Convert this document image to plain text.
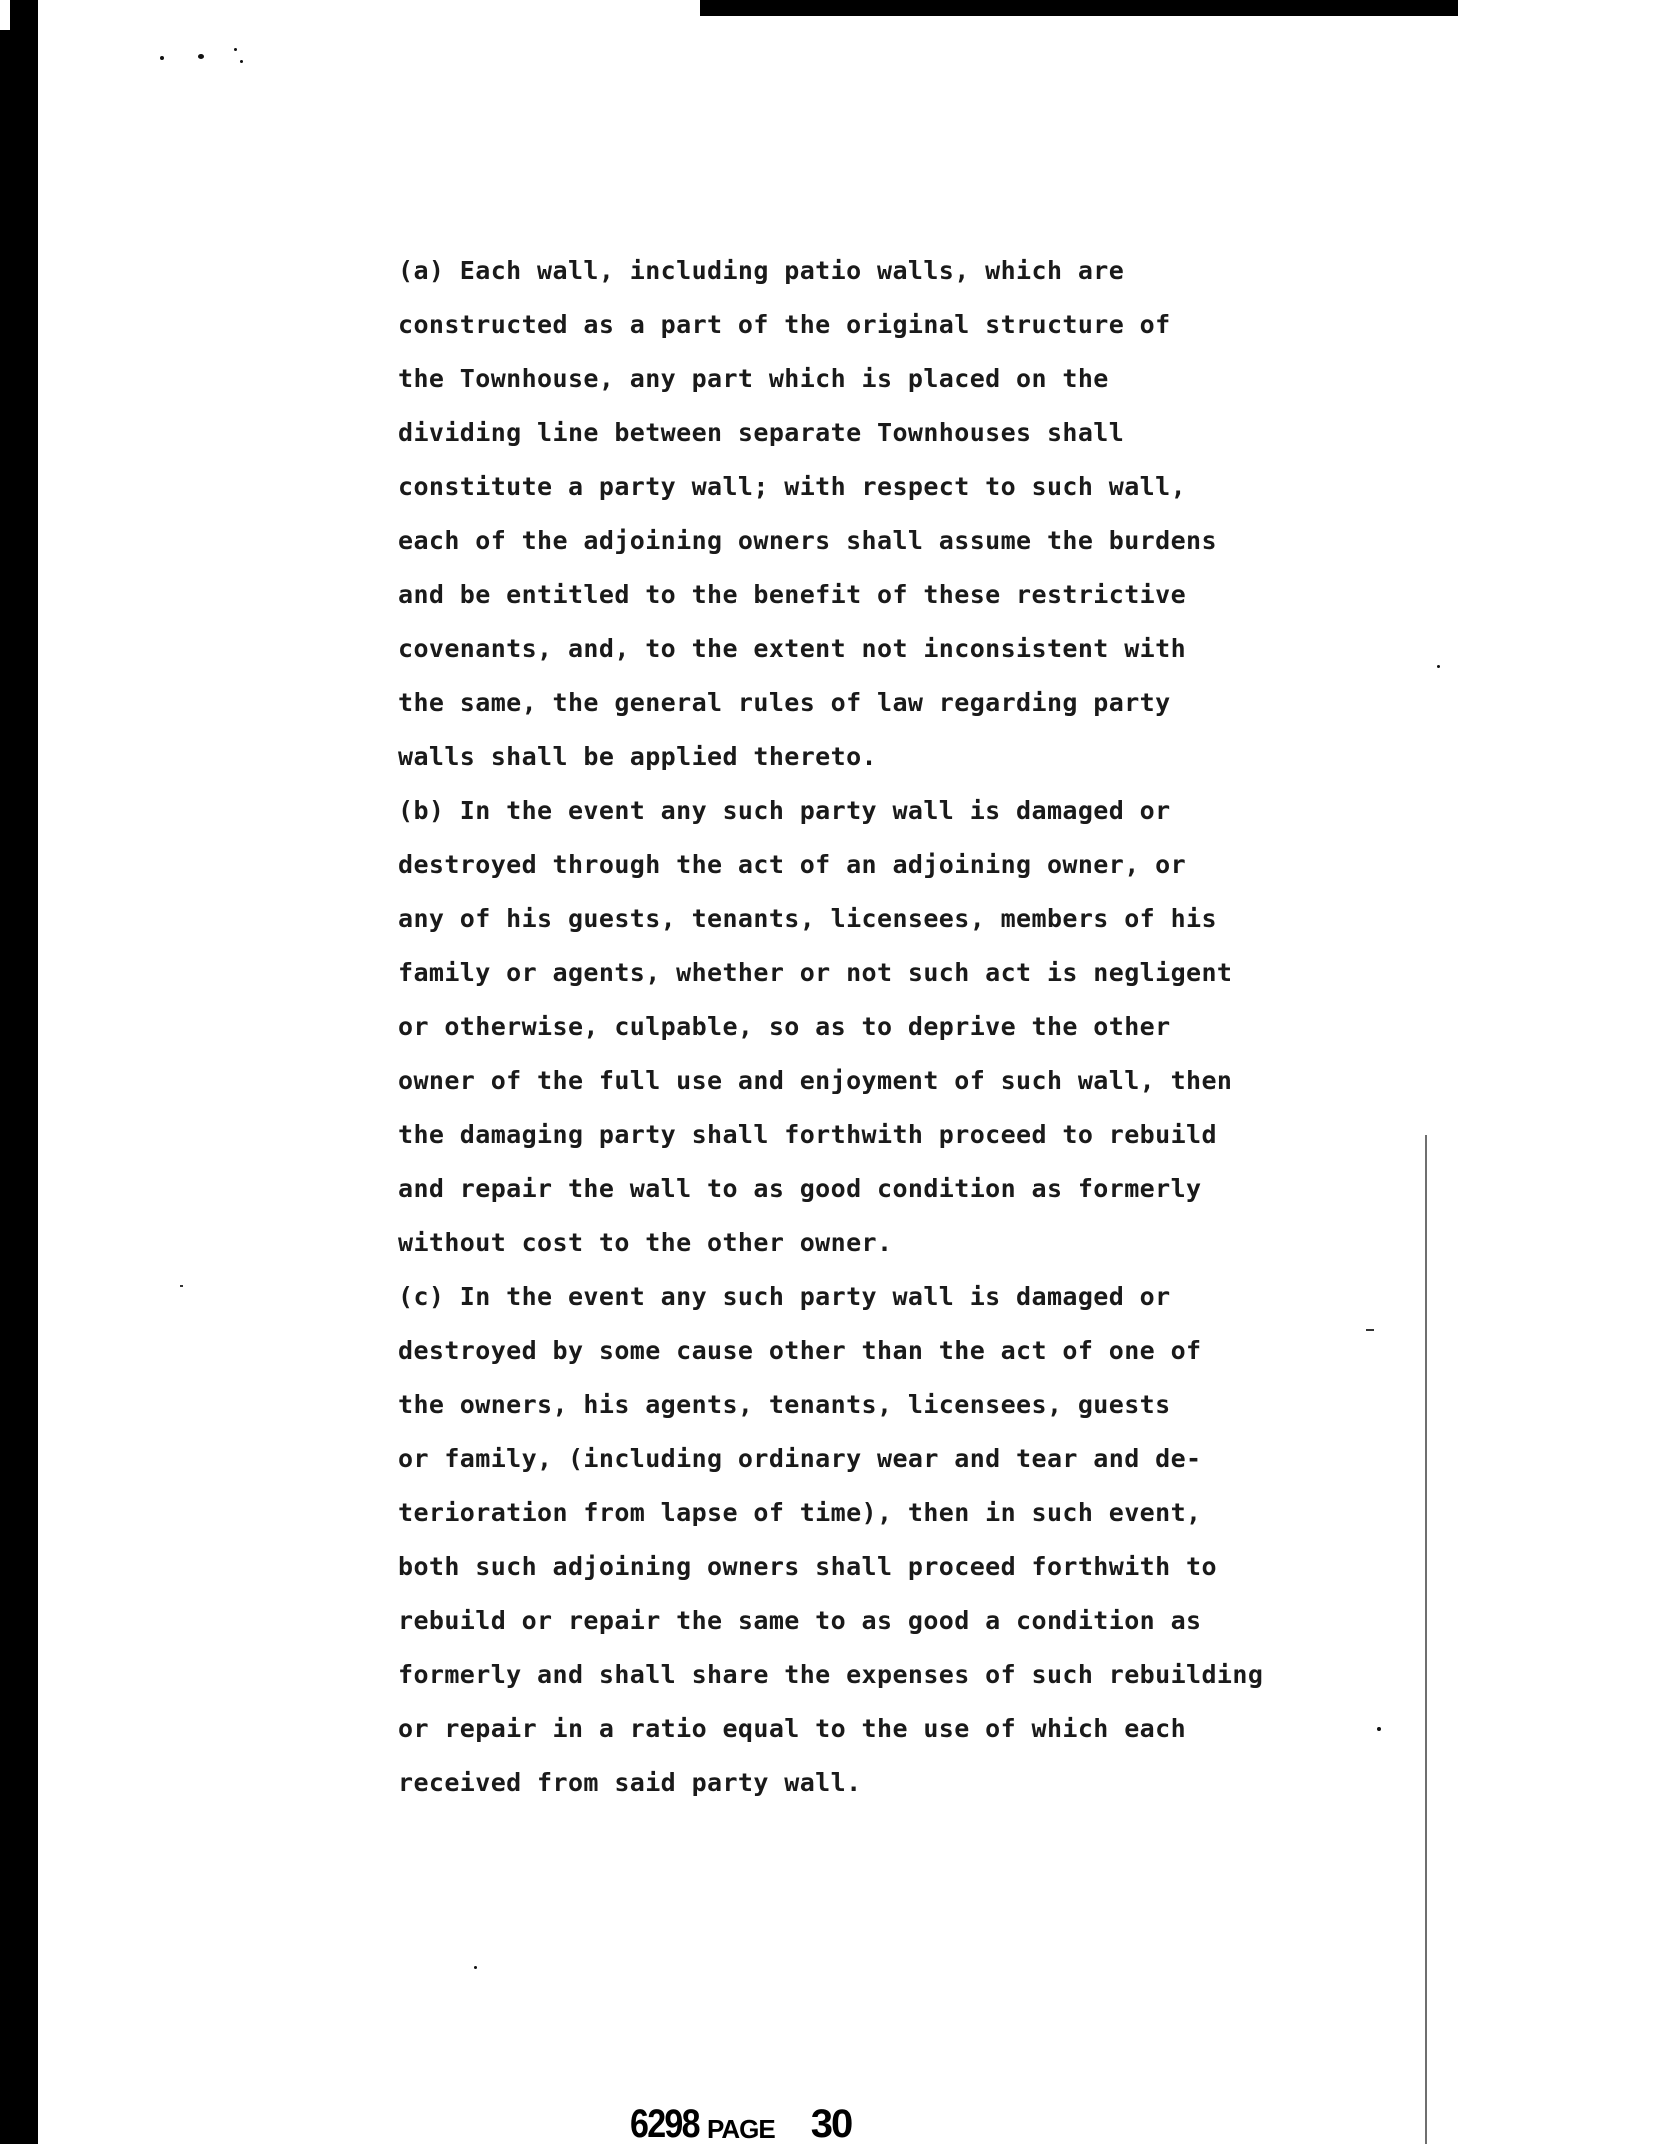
(a) Each wall, including patio walls, which are
constructed as a part of the original structure of
the Townhouse, any part which is placed on the
dividing line between separate Townhouses shall
constitute a party wall; with respect to such wall,
each of the adjoining owners shall assume the burdens
and be entitled to the benefit of these restrictive
covenants, and, to the extent not inconsistent with
the same, the general rules of law regarding party
walls shall be applied thereto.
(b) In the event any such party wall is damaged or
destroyed through the act of an adjoining owner, or
any of his guests, tenants, licensees, members of his
family or agents, whether or not such act is negligent
or otherwise, culpable, so as to deprive the other
owner of the full use and enjoyment of such wall, then
the damaging party shall forthwith proceed to rebuild
and repair the wall to as good condition as formerly
without cost to the other owner.
(c) In the event any such party wall is damaged or
destroyed by some cause other than the act of one of
the owners, his agents, tenants, licensees, guests
or family, (including ordinary wear and tear and de-
terioration from lapse of time), then in such event,
both such adjoining owners shall proceed forthwith to
rebuild or repair the same to as good a condition as
formerly and shall share the expenses of such rebuilding
or repair in a ratio equal to the use of which each
received from said party wall.
6298 PAGE 30
